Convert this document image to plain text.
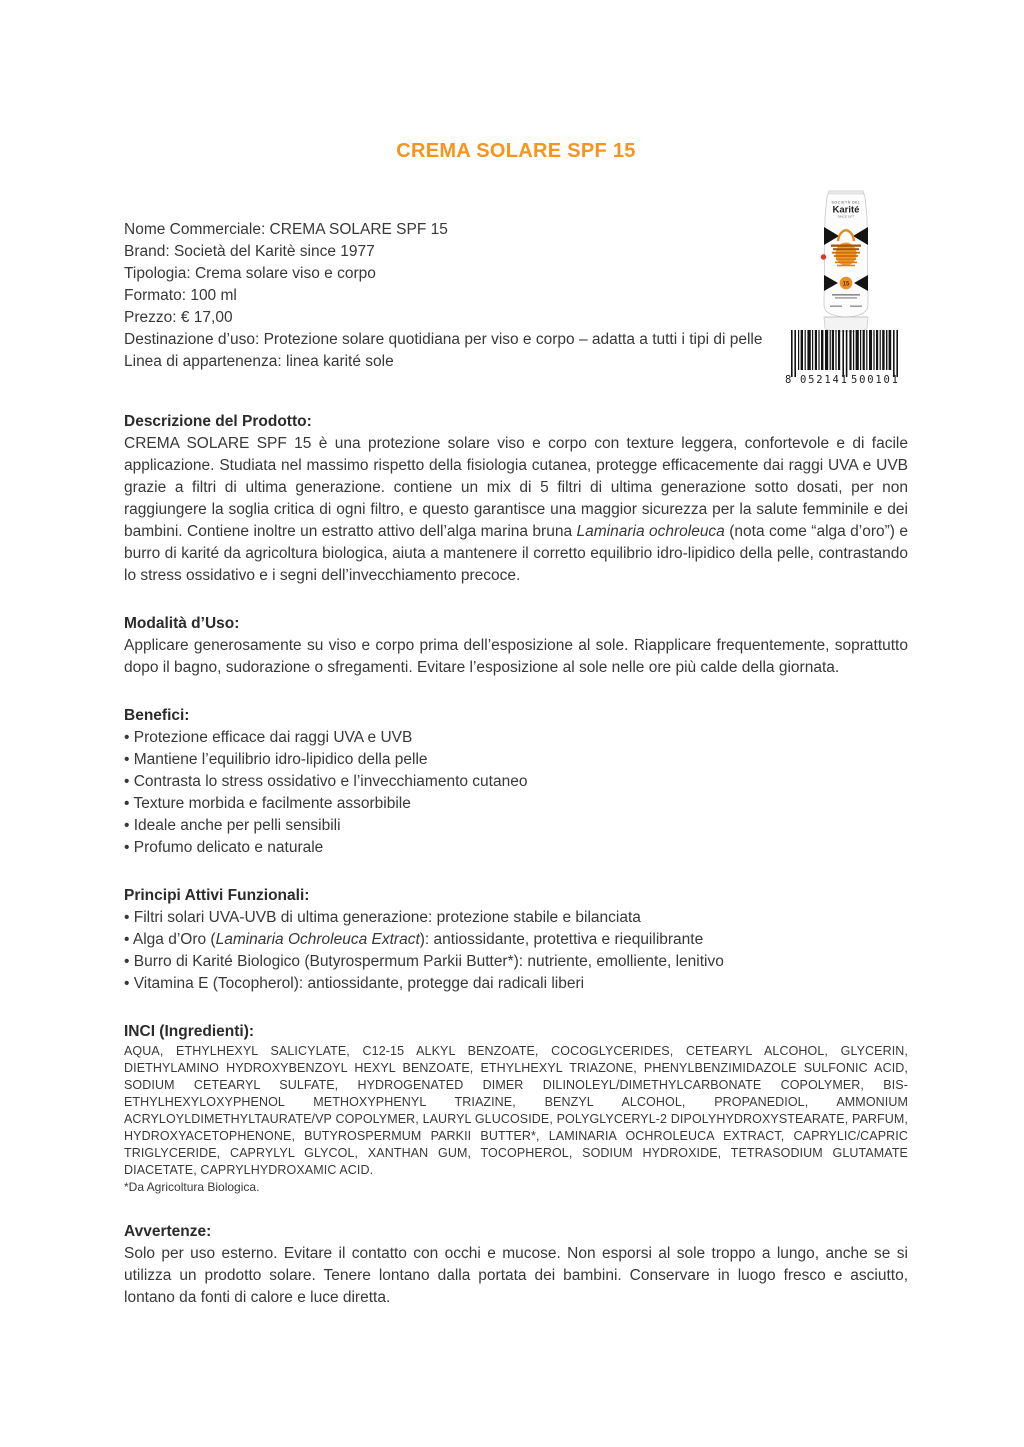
CREMA SOLARE SPF 15
Nome Commerciale: CREMA SOLARE SPF 15
Brand: Società del Karitè since 1977
Tipologia: Crema solare viso e corpo
Formato: 100 ml
Prezzo: € 17,00
Destinazione d’uso: Protezione solare quotidiana per viso e corpo – adatta a tutti i tipi di pelle
Linea di appartenenza: linea karité sole
SOCIETÀ DEL
Karité
SINCE 1977
15
8 052141 500101
Descrizione del Prodotto:

CREMA SOLARE SPF 15 è una protezione solare viso e corpo con texture leggera, confortevole e di facile applicazione. Studiata nel massimo rispetto della fisiologia cutanea, protegge efficacemente dai raggi UVA e UVB grazie a filtri di ultima generazione. contiene un mix di 5 filtri di ultima generazione sotto dosati, per non raggiungere la soglia critica di ogni filtro, e questo garantisce una maggior sicurezza per la salute femminile e dei bambini. Contiene inoltre un estratto attivo dell’alga marina bruna Laminaria ochroleuca (nota come “alga d’oro”) e burro di karité da agricoltura biologica, aiuta a mantenere il corretto equilibrio idro-lipidico della pelle, contrastando lo stress ossidativo e i segni dell’invecchiamento precoce.

Modalità d’Uso:

Applicare generosamente su viso e corpo prima dell’esposizione al sole. Riapplicare frequentemente, soprattutto dopo il bagno, sudorazione o sfregamenti. Evitare l’esposizione al sole nelle ore più calde della giornata.

Benefici:
• Protezione efficace dai raggi UVA e UVB
• Mantiene l’equilibrio idro-lipidico della pelle
• Contrasta lo stress ossidativo e l’invecchiamento cutaneo
• Texture morbida e facilmente assorbibile
• Ideale anche per pelli sensibili
• Profumo delicato e naturale
Principi Attivi Funzionali:
• Filtri solari UVA-UVB di ultima generazione: protezione stabile e bilanciata
• Alga d’Oro (Laminaria Ochroleuca Extract): antiossidante, protettiva e riequilibrante
• Burro di Karité Biologico (Butyrospermum Parkii Butter*): nutriente, emolliente, lenitivo
• Vitamina E (Tocopherol): antiossidante, protegge dai radicali liberi
INCI (Ingredienti):

AQUA, ETHYLHEXYL SALICYLATE, C12-15 ALKYL BENZOATE, COCOGLYCERIDES, CETEARYL ALCOHOL, GLYCERIN, DIETHYLAMINO HYDROXYBENZOYL HEXYL BENZOATE, ETHYLHEXYL TRIAZONE, PHENYLBENZIMIDAZOLE SULFONIC ACID, SODIUM CETEARYL SULFATE, HYDROGENATED DIMER DILINOLEYL/DIMETHYLCARBONATE COPOLYMER, BIS-ETHYLHEXYLOXYPHENOL METHOXYPHENYL TRIAZINE, BENZYL ALCOHOL, PROPANEDIOL, AMMONIUM ACRYLOYLDIMETHYLTAURATE/VP COPOLYMER, LAURYL GLUCOSIDE, POLYGLYCERYL-2 DIPOLYHYDROXYSTEARATE, PARFUM, HYDROXYACETOPHENONE, BUTYROSPERMUM PARKII BUTTER*, LAMINARIA OCHROLEUCA EXTRACT, CAPRYLIC/CAPRIC TRIGLYCERIDE, CAPRYLYL GLYCOL, XANTHAN GUM, TOCOPHEROL, SODIUM HYDROXIDE, TETRASODIUM GLUTAMATE DIACETATE, CAPRYLHYDROXAMIC ACID.

*Da Agricoltura Biologica.
Avvertenze:

Solo per uso esterno. Evitare il contatto con occhi e mucose. Non esporsi al sole troppo a lungo, anche se si utilizza un prodotto solare. Tenere lontano dalla portata dei bambini. Conservare in luogo fresco e asciutto, lontano da fonti di calore e luce diretta.
